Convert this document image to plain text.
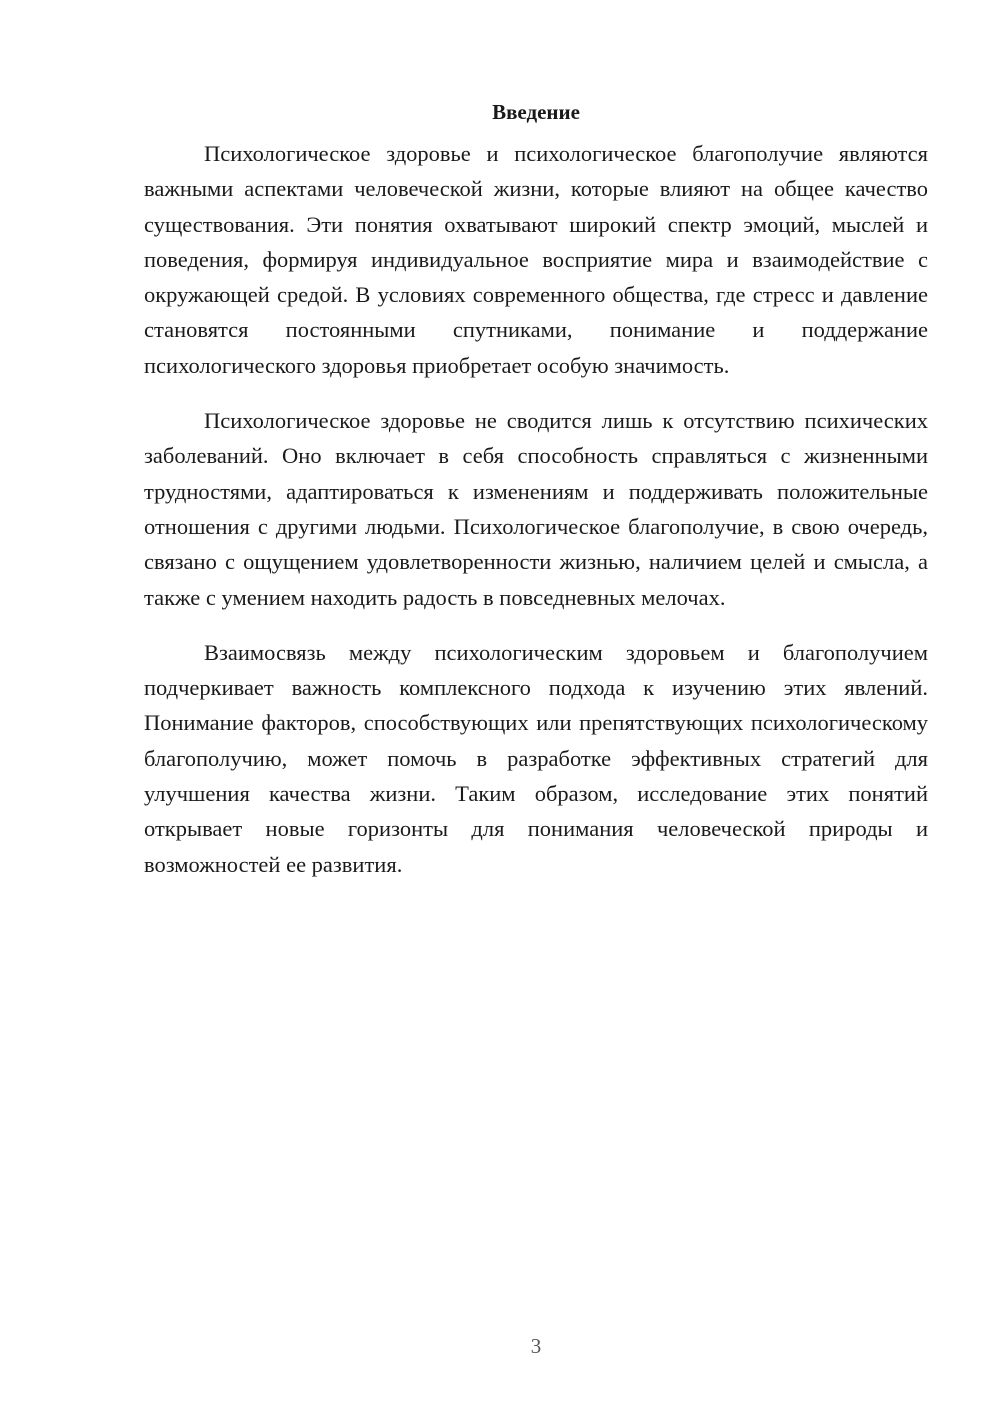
Введение

Психологическое здоровье и психологическое благополучие являются важными аспектами человеческой жизни, которые влияют на общее качество существования. Эти понятия охватывают широкий спектр эмоций, мыслей и поведения, формируя индивидуальное восприятие мира и взаимодействие с окружающей средой. В условиях современного общества, где стресс и давление становятся постоянными спутниками, понимание и поддержание психологического здоровья приобретает особую значимость.

Психологическое здоровье не сводится лишь к отсутствию психических заболеваний. Оно включает в себя способность справляться с жизненными трудностями, адаптироваться к изменениям и поддерживать положительные отношения с другими людьми. Психологическое благополучие, в свою очередь, связано с ощущением удовлетворенности жизнью, наличием целей и смысла, а также с умением находить радость в повседневных мелочах.

Взаимосвязь между психологическим здоровьем и благополучием подчеркивает важность комплексного подхода к изучению этих явлений. Понимание факторов, способствующих или препятствующих психологическому благополучию, может помочь в разработке эффективных стратегий для улучшения качества жизни. Таким образом, исследование этих понятий открывает новые горизонты для понимания человеческой природы и возможностей ее развития.

3
